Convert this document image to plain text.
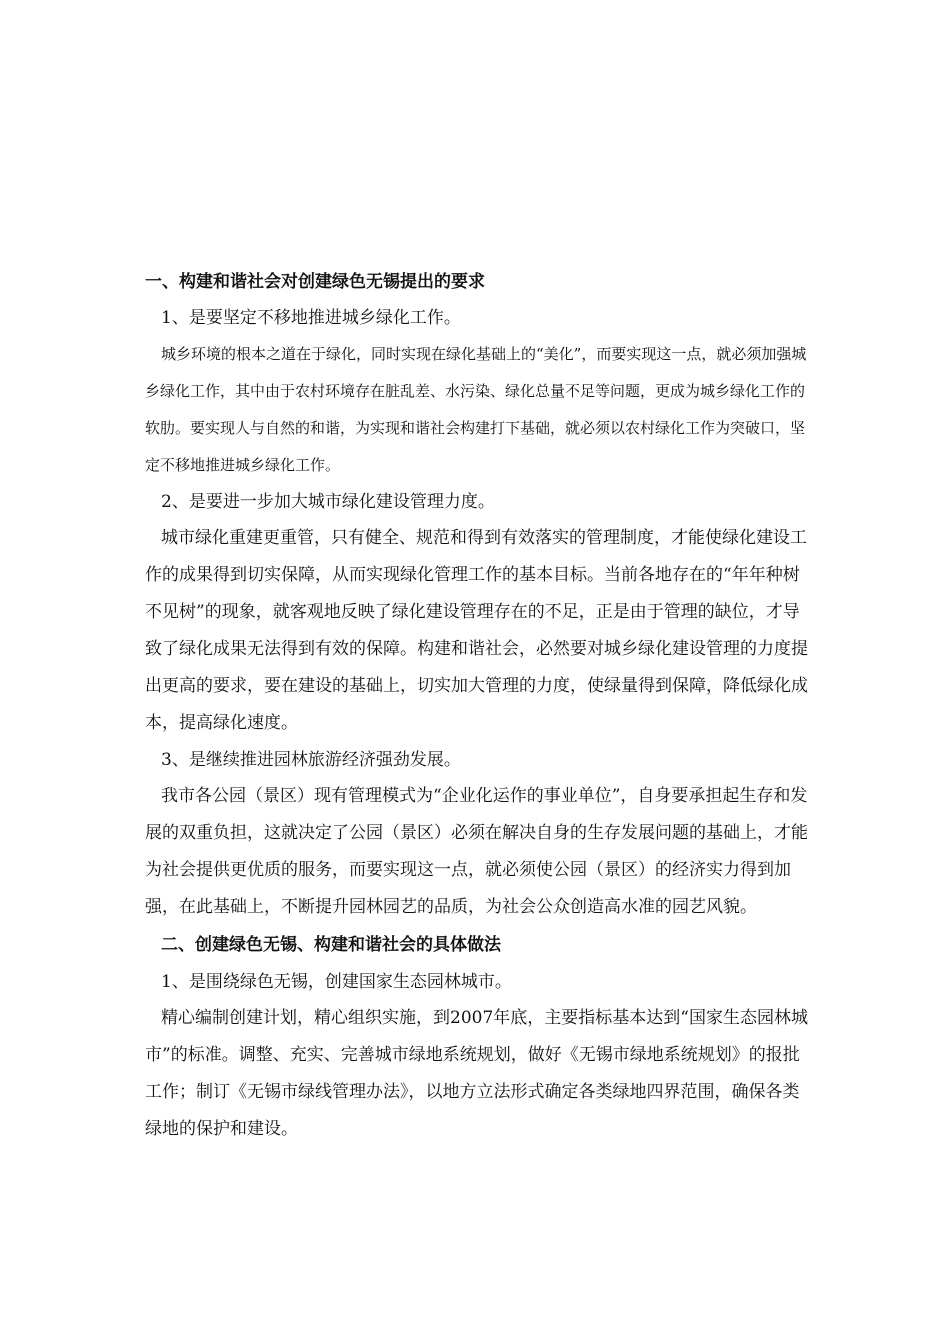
一、构建和谐社会对创建绿色无锡提出的要求
1、是要坚定不移地推进城乡绿化工作。
城乡环境的根本之道在于绿化，同时实现在绿化基础上的“美化”，而要实现这一点，就必须加强城乡绿化工作，其中由于农村环境存在脏乱差、水污染、绿化总量不足等问题，更成为城乡绿化工作的软肋。要实现人与自然的和谐，为实现和谐社会构建打下基础，就必须以农村绿化工作为突破口，坚定不移地推进城乡绿化工作。
2、是要进一步加大城市绿化建设管理力度。
城市绿化重建更重管，只有健全、规范和得到有效落实的管理制度，才能使绿化建设工作的成果得到切实保障，从而实现绿化管理工作的基本目标。当前各地存在的“年年种树不见树”的现象，就客观地反映了绿化建设管理存在的不足，正是由于管理的缺位，才导致了绿化成果无法得到有效的保障。构建和谐社会，必然要对城乡绿化建设管理的力度提出更高的要求，要在建设的基础上，切实加大管理的力度，使绿量得到保障，降低绿化成本，提高绿化速度。
3、是继续推进园林旅游经济强劲发展。
我市各公园（景区）现有管理模式为“企业化运作的事业单位”，自身要承担起生存和发展的双重负担，这就决定了公园（景区）必须在解决自身的生存发展问题的基础上，才能为社会提供更优质的服务，而要实现这一点，就必须使公园（景区）的经济实力得到加强，在此基础上，不断提升园林园艺的品质，为社会公众创造高水准的园艺风貌。
二、创建绿色无锡、构建和谐社会的具体做法
1、是围绕绿色无锡，创建国家生态园林城市。
精心编制创建计划，精心组织实施，到2007年底，主要指标基本达到“国家生态园林城市”的标准。调整、充实、完善城市绿地系统规划，做好《无锡市绿地系统规划》的报批工作；制订《无锡市绿线管理办法》，以地方立法形式确定各类绿地四界范围，确保各类绿地的保护和建设。
